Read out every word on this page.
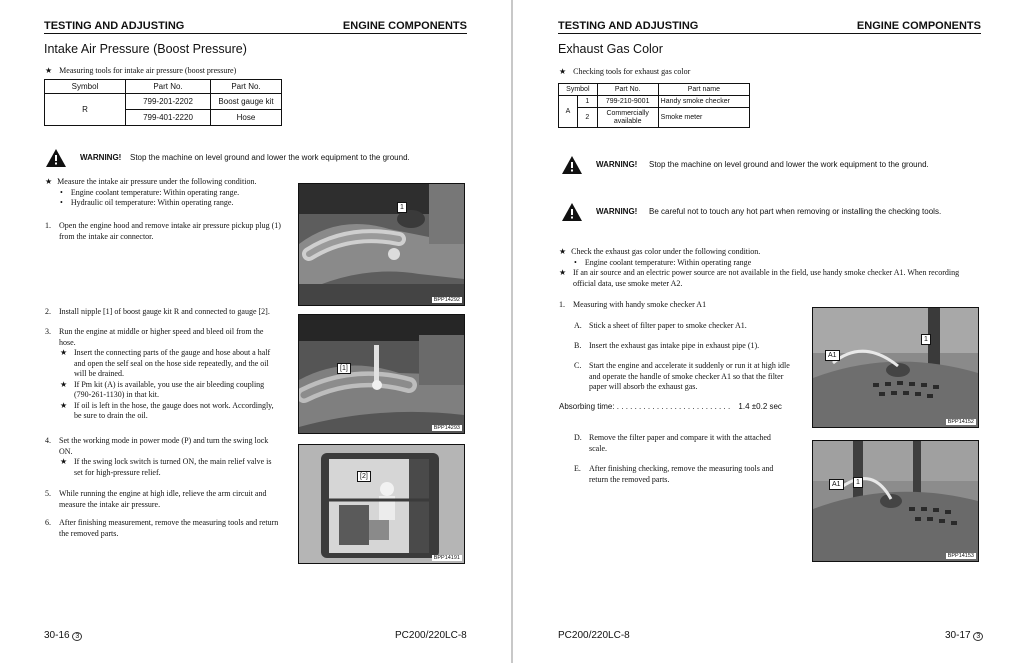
TESTING AND ADJUSTING	ENGINE COMPONENTS
Intake Air Pressure (Boost Pressure)
★ Measuring tools for intake air pressure (boost pressure)
Symbol	Part No.	Part No.
R	799-201-2202	Boost gauge kit
	799-401-2220	Hose
WARNING! Stop the machine on level ground and lower the work equipment to the ground.
★ Measure the intake air pressure under the following condition.
• Engine coolant temperature: Within operating range.
• Hydraulic oil temperature: Within operating range.
1. Open the engine hood and remove intake air pressure pickup plug (1)
from the intake air connector.
2.	Install nipple [1] of boost gauge kit R and connected to gauge [2].
3. Run the engine at middle or higher speed and bleed oil from the
hose.
★ Insert the connecting parts of the gauge and hose about a half
and open the self seal on the hose side repeatedly, and the oil
will be drained.
★ If Pm kit (A) is available, you use the air bleeding coupling
(790-261-1130) in that kit.
★ If oil is left in the hose, the gauge does not work. Accordingly,
be sure to drain the oil.
4. Set the working mode in power mode (P) and turn the swing lock
ON.
★ If the swing lock switch is turned ON, the main relief valve is
set for high-pressure relief.
5. While running the engine at high idle, relieve the arm circuit and
measure the intake air pressure.
6. After finishing measurement, remove the measuring tools and return
the removed parts.
1
BPP14292
[1]
BPP14293
[2]
BPP14191
30-16 3	PC200/220LC-8
TESTING AND ADJUSTING	ENGINE COMPONENTS
Exhaust Gas Color
★ Checking tools for exhaust gas color
Symbol		Part No.	Part name
A	1	799-210-9001	Handy smoke checker
	2	Commercially
available	Smoke meter
WARNING! Stop the machine on level ground and lower the work equipment to the ground.
WARNING! Be careful not to touch any hot part when removing or installing the checking tools.
★ Check the exhaust gas color under the following condition.
• Engine coolant temperature: Within operating range
★ If an air source and an electric power source are not available in the field, use handy smoke checker A1. When recording
official data, use smoke meter A2.
1.	Measuring with handy smoke checker A1
A. Stick a sheet of filter paper to smoke checker A1.
B. Insert the exhaust gas intake pipe in exhaust pipe (1).
C. Start the engine and accelerate it suddenly or run it at high idle
and operate the handle of smoke checker A1 so that the filter
paper will absorb the exhaust gas.
Absorbing time: . . . . . . . . . . . . . . . . . . . . . . . . . . 1.4 ±0.2 sec
D. Remove the filter paper and compare it with the attached
scale.
E. After finishing checking, remove the measuring tools and
return the removed parts.
A1
1
BPP14152
1
A1
BPP14153
PC200/220LC-8	30-17 3
